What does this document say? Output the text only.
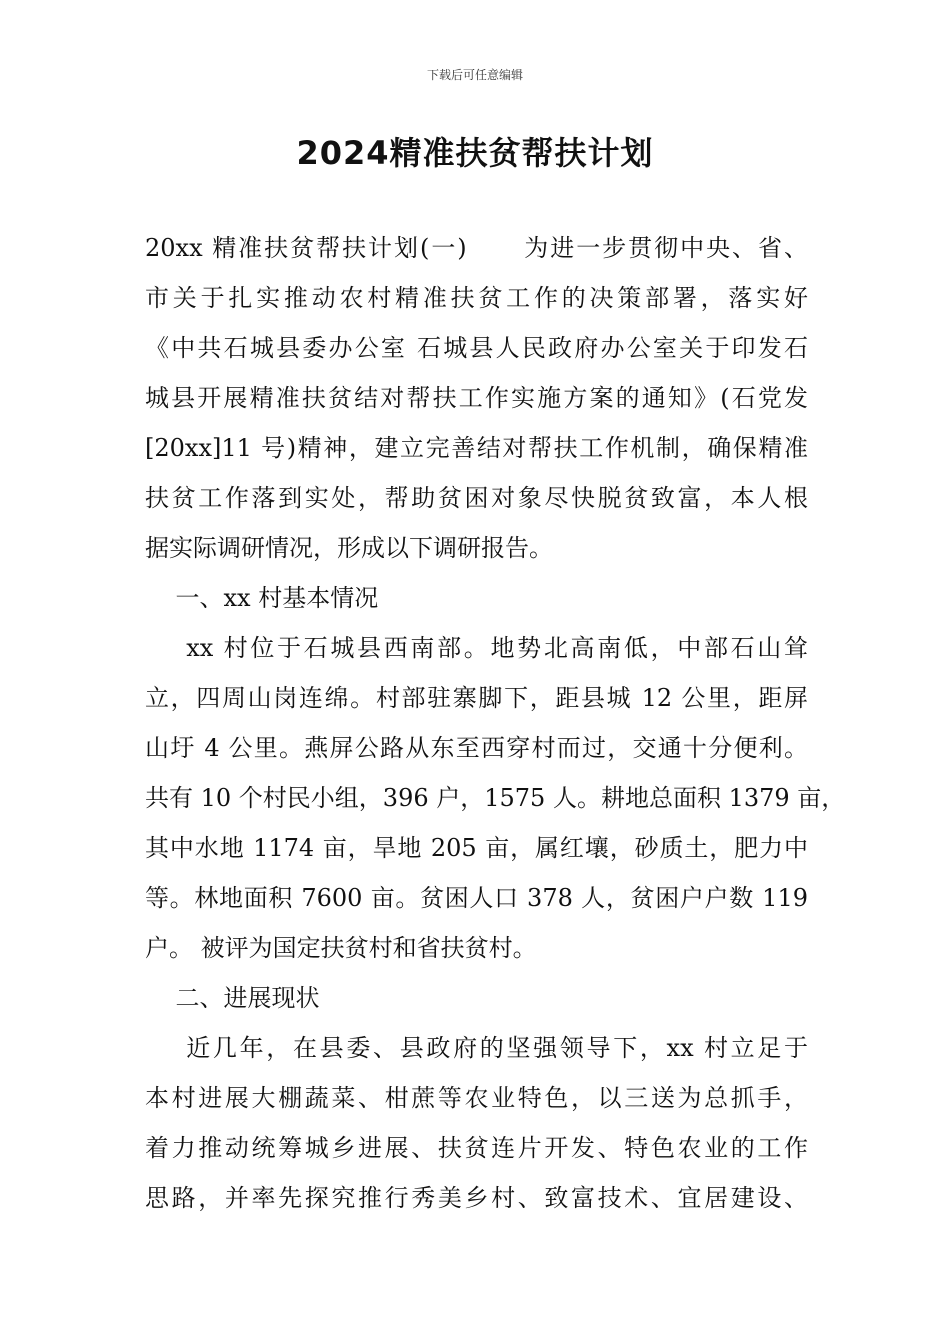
下载后可任意编辑
2024精准扶贫帮扶计划
20xx 精准扶贫帮扶计划(一)      为进一步贯彻中央、省、
市关于扎实推动农村精准扶贫工作的决策部署，落实好
《中共石城县委办公室 石城县人民政府办公室关于印发石
城县开展精准扶贫结对帮扶工作实施方案的通知》(石党发
[20xx]11 号)精神，建立完善结对帮扶工作机制，确保精准
扶贫工作落到实处，帮助贫困对象尽快脱贫致富，本人根
据实际调研情况，形成以下调研报告。
一、xx 村基本情况
xx 村位于石城县西南部。地势北高南低，中部石山耸
立，四周山岗连绵。村部驻寨脚下，距县城 12 公里，距屏
山圩 4 公里。燕屏公路从东至西穿村而过，交通十分便利。
共有 10 个村民小组，396 户，1575 人。耕地总面积 1379 亩，
其中水地 1174 亩，旱地 205 亩，属红壤，砂质土，肥力中
等。林地面积 7600 亩。贫困人口 378 人，贫困户户数 119
户。 被评为国定扶贫村和省扶贫村。
二、进展现状
近几年，在县委、县政府的坚强领导下，xx 村立足于
本村进展大棚蔬菜、柑蔗等农业特色，以三送为总抓手，
着力推动统筹城乡进展、扶贫连片开发、特色农业的工作
思路，并率先探究推行秀美乡村、致富技术、宜居建设、
